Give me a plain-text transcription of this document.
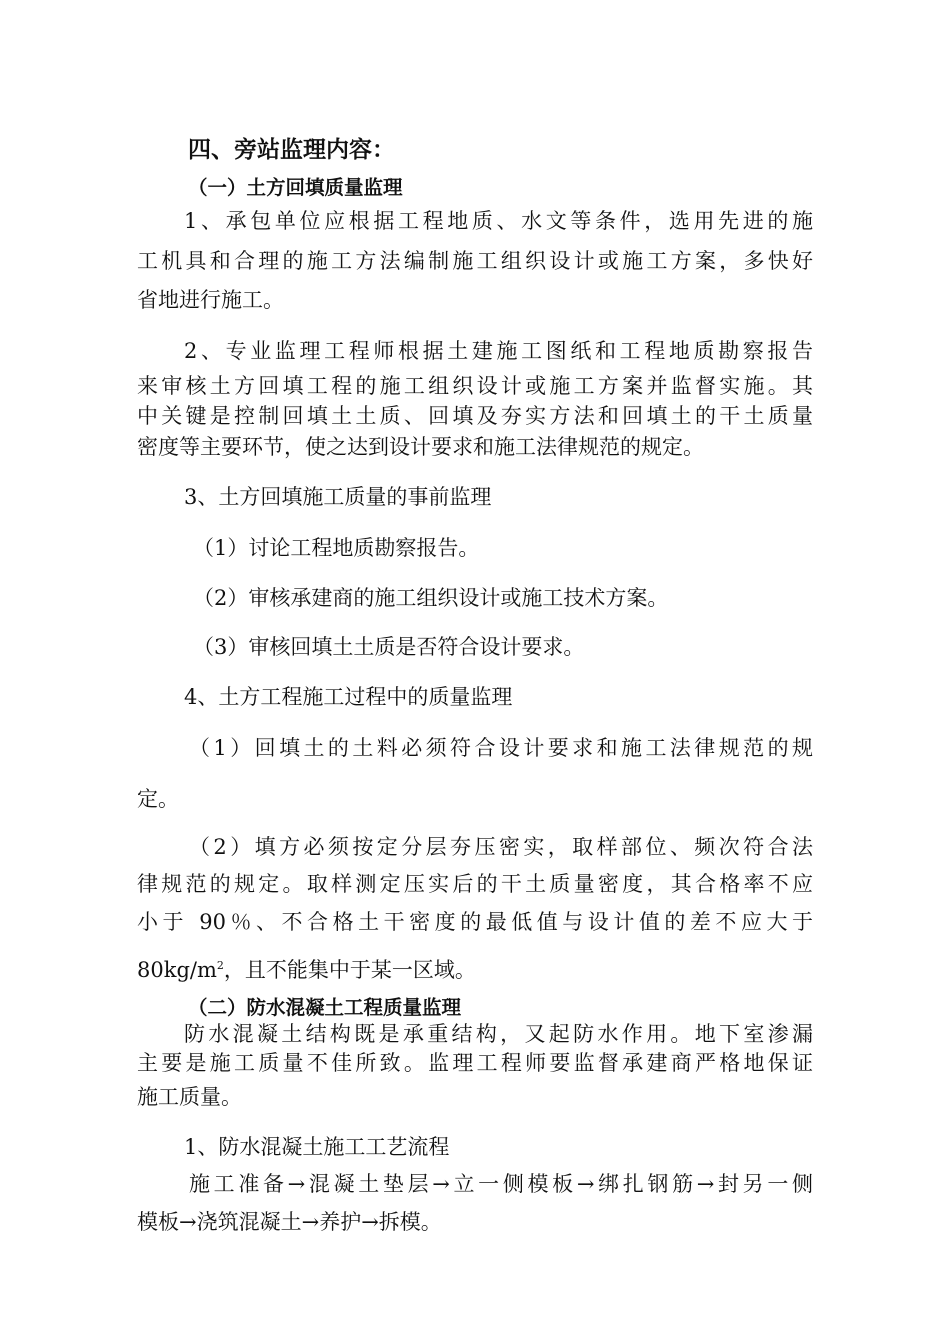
四、旁站监理内容：
（一）土方回填质量监理
1、承包单位应根据工程地质、水文等条件，选用先进的施
工机具和合理的施工方法编制施工组织设计或施工方案，多快好
省地进行施工。
2、专业监理工程师根据土建施工图纸和工程地质勘察报告
来审核土方回填工程的施工组织设计或施工方案并监督实施。其
中关键是控制回填土土质、回填及夯实方法和回填土的干土质量
密度等主要环节，使之达到设计要求和施工法律规范的规定。
3、土方回填施工质量的事前监理
（1）讨论工程地质勘察报告。
（2）审核承建商的施工组织设计或施工技术方案。
（3）审核回填土土质是否符合设计要求。
4、土方工程施工过程中的质量监理
（1）回填土的土料必须符合设计要求和施工法律规范的规
定。
（2）填方必须按定分层夯压密实，取样部位、频次符合法
律规范的规定。取样测定压实后的干土质量密度，其合格率不应
小于 90％、不合格土干密度的最低值与设计值的差不应大于
$80kg/m^2$，且不能集中于某一区域。
（二）防水混凝土工程质量监理
防水混凝土结构既是承重结构，又起防水作用。地下室渗漏
主要是施工质量不佳所致。监理工程师要监督承建商严格地保证
施工质量。
1、防水混凝土施工工艺流程
施工准备→混凝土垫层→立一侧模板→绑扎钢筋→封另一侧
模板→浇筑混凝土→养护→拆模。
